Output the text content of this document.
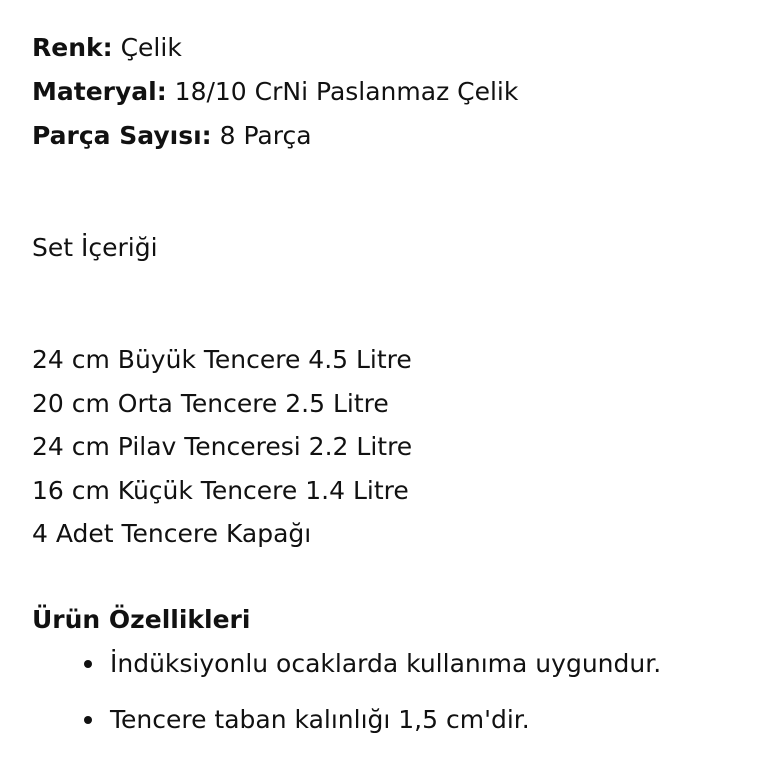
Renk: Çelik
Materyal: 18/10 CrNi Paslanmaz Çelik
Parça Sayısı: 8 Parça
Set İçeriği
24 cm Büyük Tencere 4.5 Litre
20 cm Orta Tencere 2.5 Litre
24 cm Pilav Tenceresi 2.2 Litre
16 cm Küçük Tencere 1.4 Litre
4 Adet Tencere Kapağı
Ürün Özellikleri
İndüksiyonlu ocaklarda kullanıma uygundur.
Tencere taban kalınlığı 1,5 cm'dir.
